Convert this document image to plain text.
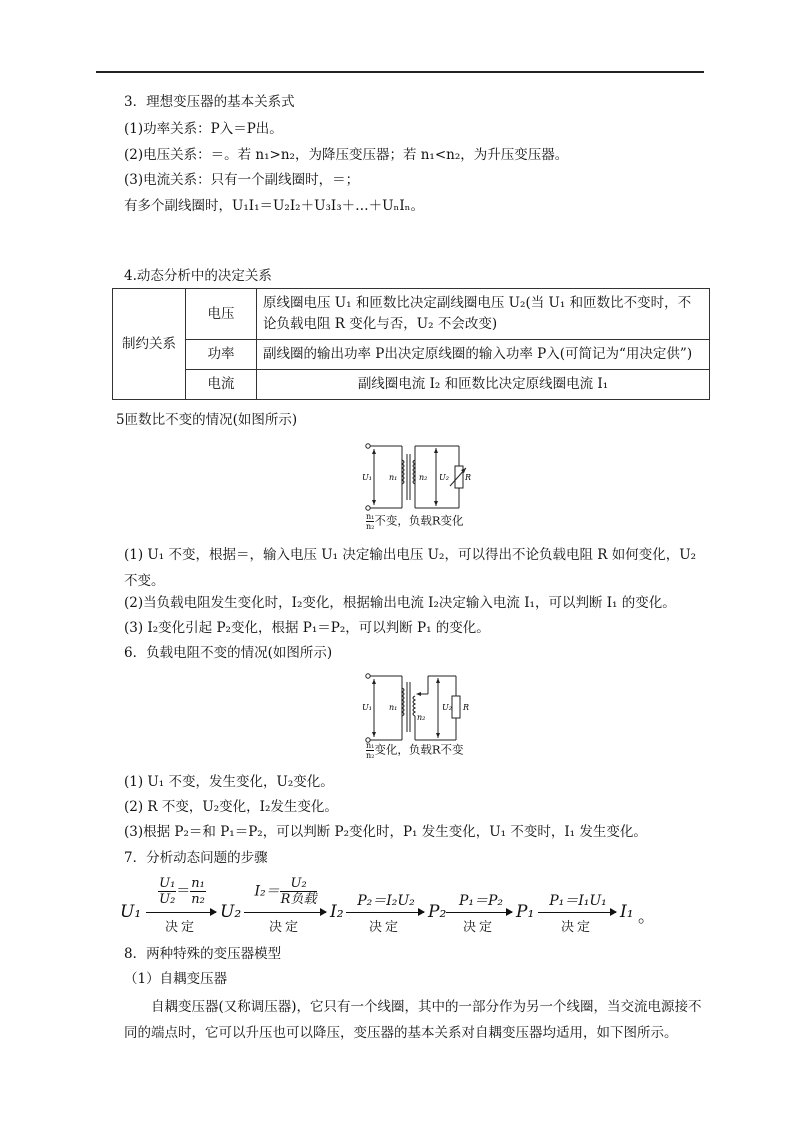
3．理想变压器的基本关系式
(1)功率关系：P入＝P出。
(2)电压关系：＝。若 n₁>n₂，为降压变压器；若 n₁<n₂，为升压变压器。
(3)电流关系：只有一个副线圈时，＝；
有多个副线圈时，U₁I₁＝U₂I₂＋U₃I₃＋…＋UₙIₙ。
4.动态分析中的决定关系
制约关系	电压	原线圈电压 U₁ 和匝数比决定副线圈电压 U₂(当 U₁ 和匝数比不变时，不论负载电阻 R 变化与否，U₂ 不会改变)
	功率	副线圈的输出功率 P出决定原线圈的输入功率 P入(可简记为“用决定供”)
	电流	副线圈电流 I₂ 和匝数比决定原线圈电流 I₁
5匝数比不变的情况(如图所示)
U₁ n₁	n₂ U₂ R
$\frac{\text{n₁}}{\text{n₂}}$ 不变，负载R变化
(1) U₁ 不变，根据＝，输入电压 U₁ 决定输出电压 U₂，可以得出不论负载电阻 R 如何变化，U₂ 不变。
(2)当负载电阻发生变化时，I₂变化，根据输出电流 I₂决定输入电流 I₁，可以判断 I₁ 的变化。
(3) I₂变化引起 P₂变化，根据 P₁＝P₂，可以判断 P₁ 的变化。
6．负载电阻不变的情况(如图所示)
U₁ n₁
n₂
U₂ R
$\frac{\text{n₁}}{\text{n₂}}$ 变化，负载R不变
(1) U₁ 不变，发生变化，U₂变化。
(2) R 不变，U₂变化，I₂发生变化。
(3)根据 P₂＝和 P₁＝P₂，可以判断 P₂变化时，P₁ 发生变化，U₁ 不变时，I₁ 发生变化。
7．分析动态问题的步骤
U₁
$\frac{\text{U₁}}{\text{U₂}} = \frac{\text{n₁}}{\text{n₂}}$
决定
U₂
I₂＝ U₂
R负载
决定
I₂
P₂＝I₂U₂
决定
P₂
P₁＝P₂
决定
P₁
P₁＝I₁U₁
决定
I₁ 。
8．两种特殊的变压器模型
（1）自耦变压器
自耦变压器(又称调压器)，它只有一个线圈，其中的一部分作为另一个线圈，当交流电源接不同的端点时，它可以升压也可以降压，变压器的基本关系对自耦变压器均适用，如下图所示。
